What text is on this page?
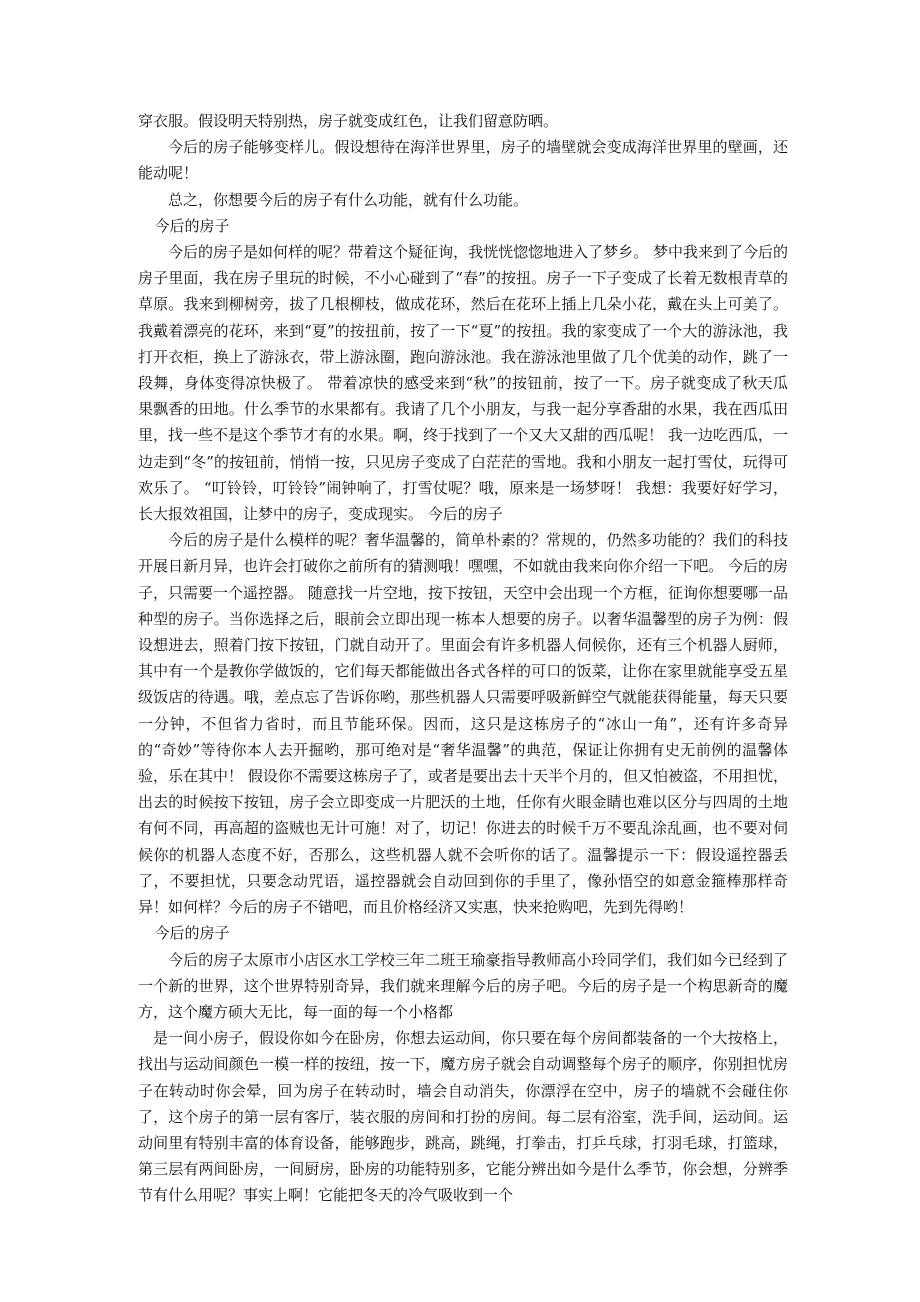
穿衣服。假设明天特别热，房子就变成红色，让我们留意防晒。

今后的房子能够变样儿。假设想待在海洋世界里，房子的墙壁就会变成海洋世界里的壁画，还能动呢！

总之，你想要今后的房子有什么功能，就有什么功能。

今后的房子

今后的房子是如何样的呢？带着这个疑征询，我恍恍惚惚地进入了梦乡。 梦中我来到了今后的房子里面，我在房子里玩的时候，不小心碰到了“春”的按扭。房子一下子变成了长着无数根青草的草原。我来到柳树旁，拔了几根柳枝，做成花环，然后在花环上插上几朵小花，戴在头上可美了。 我戴着漂亮的花环，来到“夏”的按扭前，按了一下“夏”的按扭。我的家变成了一个大的游泳池，我打开衣柜，换上了游泳衣，带上游泳圈，跑向游泳池。我在游泳池里做了几个优美的动作，跳了一段舞，身体变得凉快极了。 带着凉快的感受来到“秋”的按钮前，按了一下。房子就变成了秋天瓜果飘香的田地。什么季节的水果都有。我请了几个小朋友，与我一起分享香甜的水果，我在西瓜田里，找一些不是这个季节才有的水果。啊，终于找到了一个又大又甜的西瓜呢！ 我一边吃西瓜，一边走到“冬”的按钮前，悄悄一按，只见房子变成了白茫茫的雪地。我和小朋友一起打雪仗，玩得可欢乐了。 “叮铃铃，叮铃铃”闹钟响了，打雪仗呢？哦，原来是一场梦呀！ 我想：我要好好学习，长大报效祖国，让梦中的房子，变成现实。 今后的房子

今后的房子是什么模样的呢？奢华温馨的，简单朴素的？常规的，仍然多功能的？我们的科技开展日新月异，也许会打破你之前所有的猜测哦！嘿嘿，不如就由我来向你介绍一下吧。 今后的房子，只需要一个遥控器。 随意找一片空地，按下按钮，天空中会出现一个方框，征询你想要哪一品种型的房子。当你选择之后，眼前会立即出现一栋本人想要的房子。以奢华温馨型的房子为例：假设想进去，照着门按下按钮，门就自动开了。里面会有许多机器人伺候你，还有三个机器人厨师，其中有一个是教你学做饭的，它们每天都能做出各式各样的可口的饭菜，让你在家里就能享受五星级饭店的待遇。哦，差点忘了告诉你哟，那些机器人只需要呼吸新鲜空气就能获得能量，每天只要一分钟，不但省力省时，而且节能环保。因而，这只是这栋房子的“冰山一角”，还有许多奇异的“奇妙”等待你本人去开掘哟，那可绝对是“奢华温馨”的典范，保证让你拥有史无前例的温馨体验，乐在其中！ 假设你不需要这栋房子了，或者是要出去十天半个月的，但又怕被盗，不用担忧，出去的时候按下按钮，房子会立即变成一片肥沃的土地，任你有火眼金睛也难以区分与四周的土地有何不同，再高超的盗贼也无计可施！对了，切记！你进去的时候千万不要乱涂乱画，也不要对伺候你的机器人态度不好，否那么，这些机器人就不会听你的话了。温馨提示一下：假设遥控器丢了，不要担忧，只要念动咒语，遥控器就会自动回到你的手里了，像孙悟空的如意金箍棒那样奇异！如何样？今后的房子不错吧，而且价格经济又实惠，快来抢购吧，先到先得哟！

今后的房子

今后的房子太原市小店区水工学校三年二班王瑜豪指导教师高小玲同学们，我们如今已经到了一个新的世界，这个世界特别奇异，我们就来理解今后的房子吧。今后的房子是一个构思新奇的魔方，这个魔方硕大无比，每一面的每一个小格都

是一间小房子，假设你如今在卧房，你想去运动间，你只要在每个房间都装备的一个大按格上，找出与运动间颜色一模一样的按纽，按一下，魔方房子就会自动调整每个房子的顺序，你别担忧房子在转动时你会晕，回为房子在转动时，墙会自动消失，你漂浮在空中，房子的墙就不会碰住你了，这个房子的第一层有客厅，装衣服的房间和打扮的房间。每二层有浴室，洗手间，运动间。运动间里有特别丰富的体育设备，能够跑步，跳高，跳绳，打拳击，打乒乓球，打羽毛球，打篮球，第三层有两间卧房，一间厨房，卧房的功能特别多，它能分辨出如今是什么季节，你会想，分辨季节有什么用呢？事实上啊！它能把冬天的冷气吸收到一个
